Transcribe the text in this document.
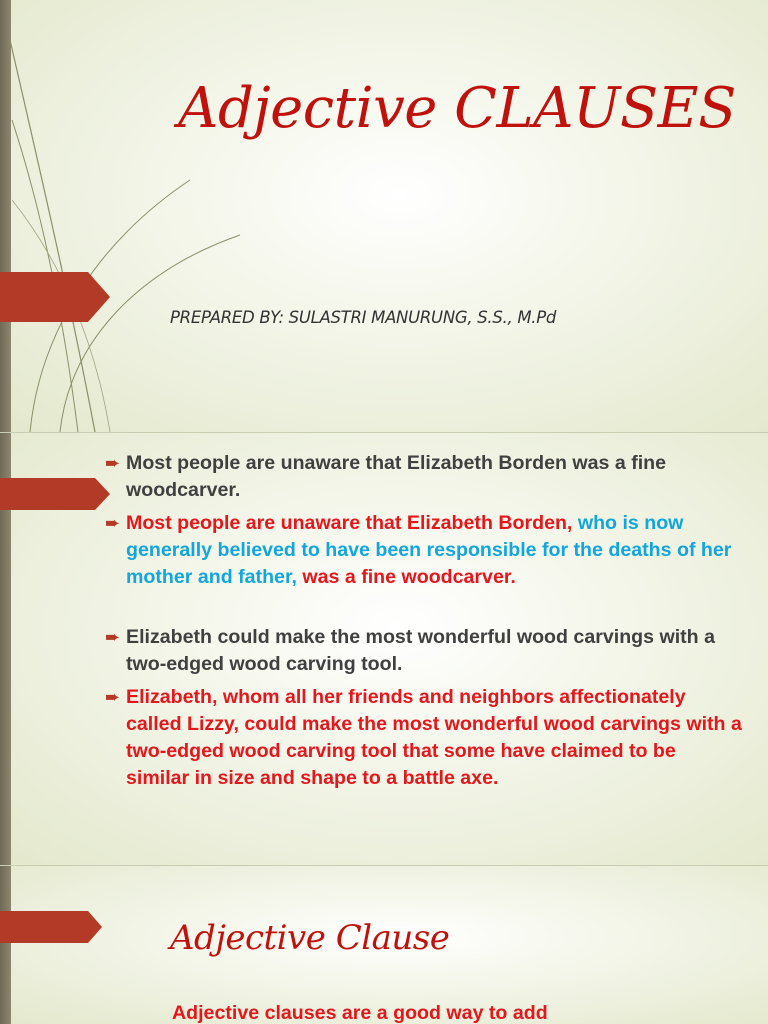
Adjective CLAUSES
PREPARED BY: SULASTRI MANURUNG, S.S., M.Pd
➨ Most people are unaware that Elizabeth Borden was a fine woodcarver.
➨ Most people are unaware that Elizabeth Borden, who is now generally believed to have been responsible for the deaths of her mother and father, was a fine woodcarver.
➨ Elizabeth could make the most wonderful wood carvings with a two-edged wood carving tool.
➨ Elizabeth, whom all her friends and neighbors affectionately called Lizzy, could make the most wonderful wood carvings with a two-edged wood carving tool that some have claimed to be similar in size and shape to a battle axe.
Adjective Clause
Adjective clauses are a good way to add
